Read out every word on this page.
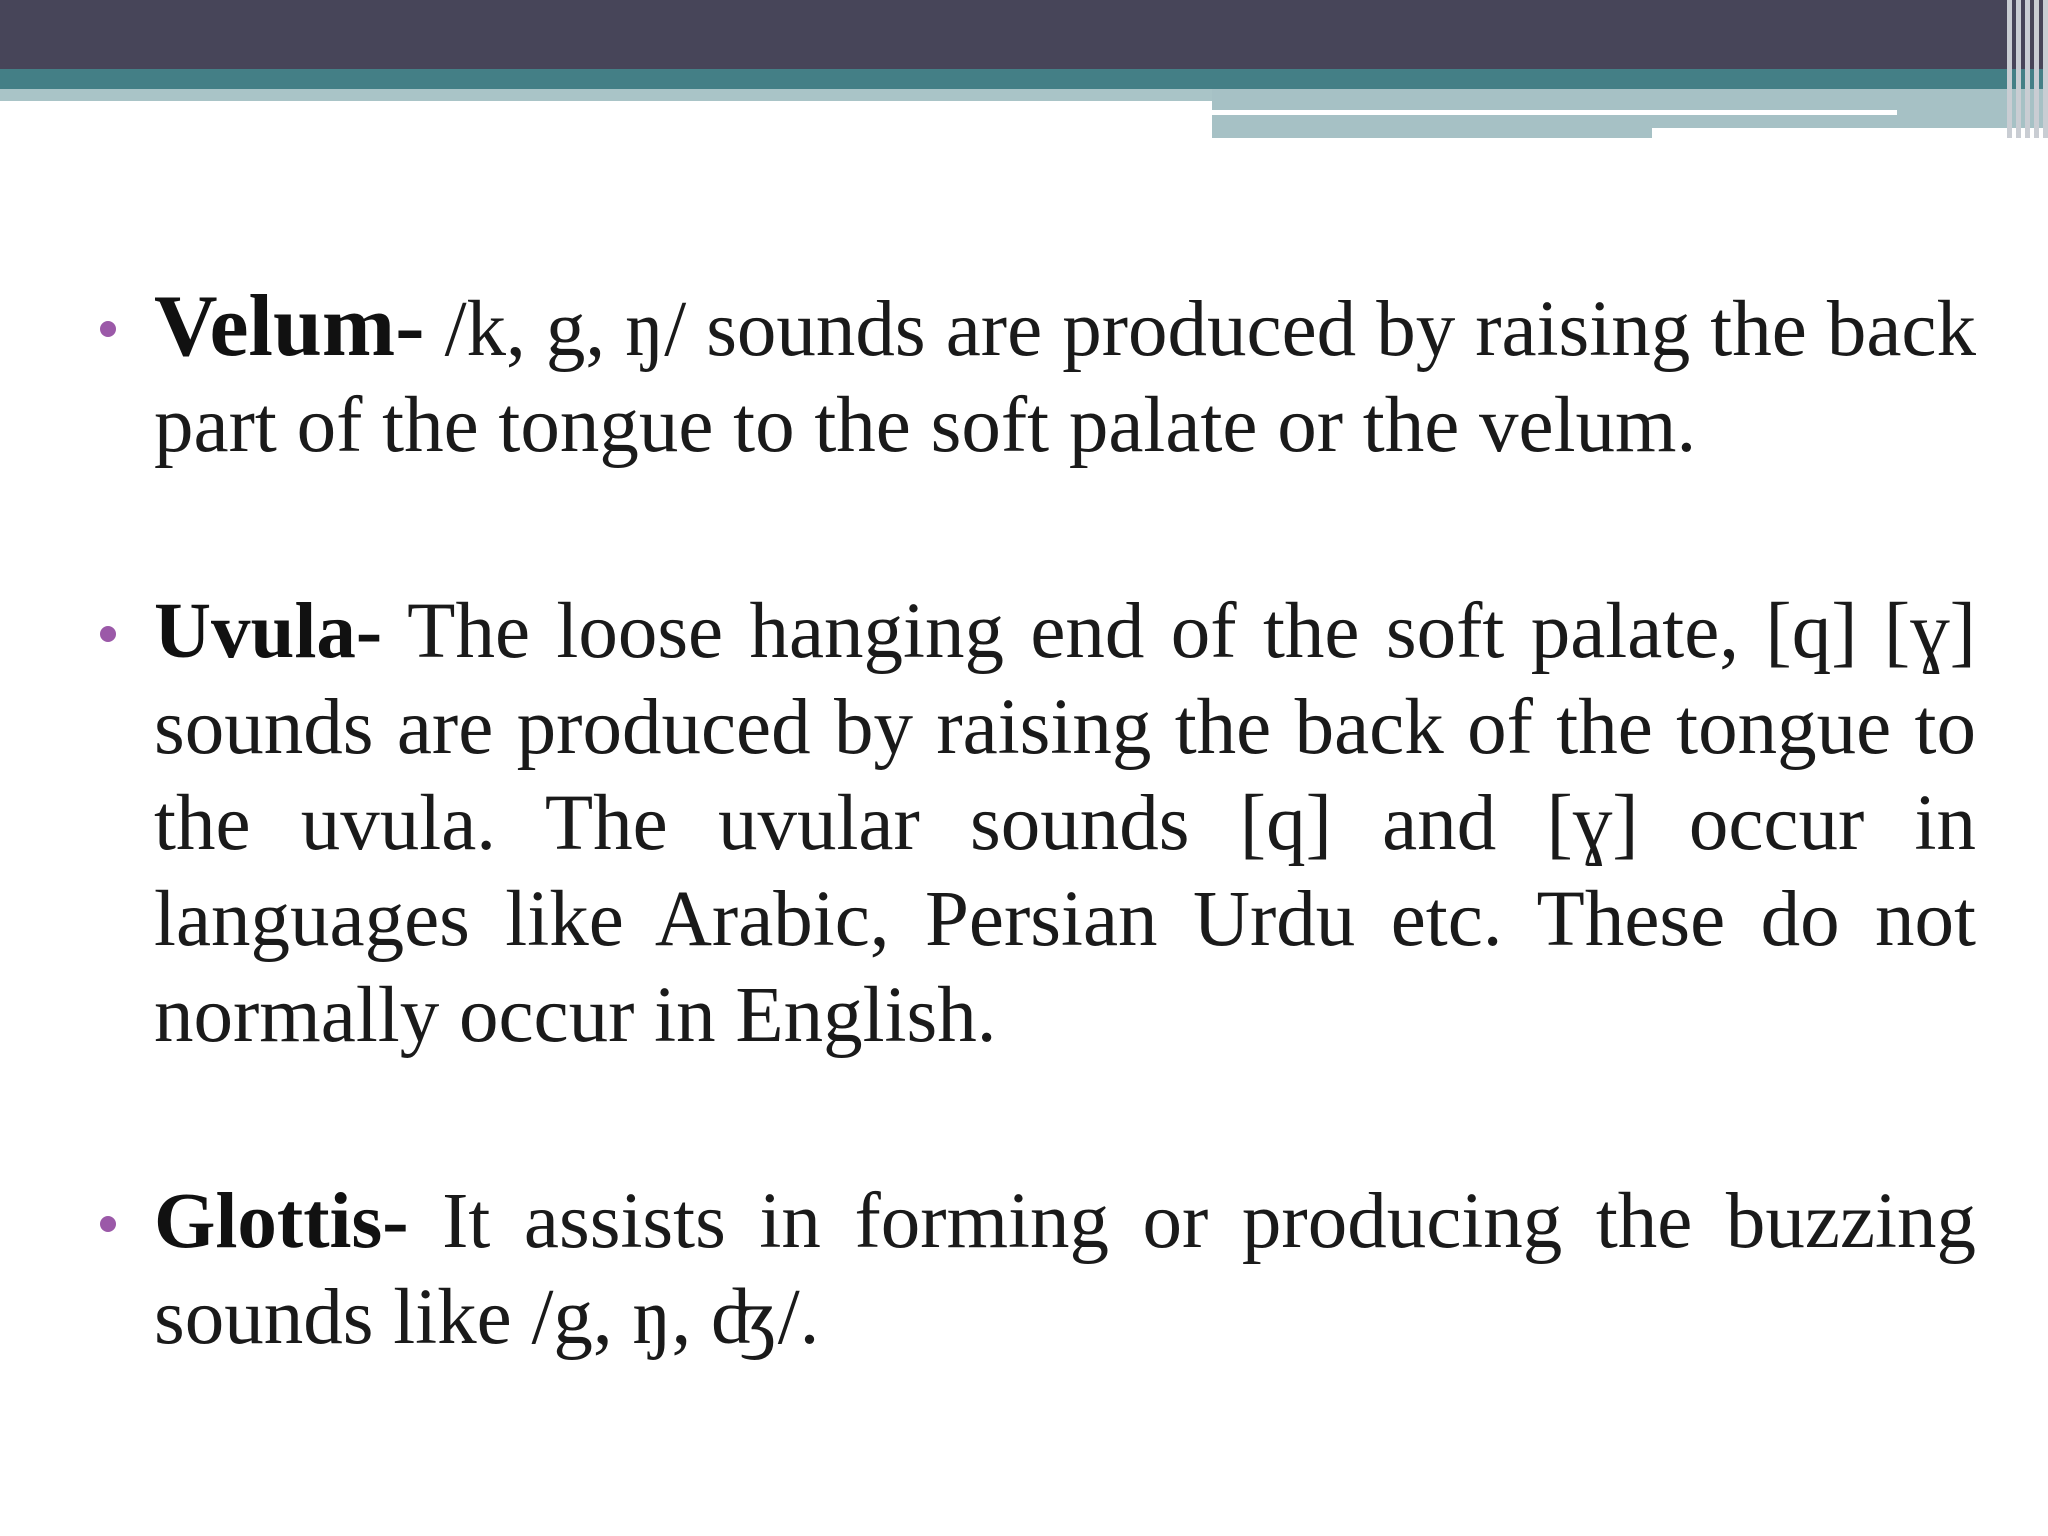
Velum- /k, g, ŋ/ sounds are produced by raising the back part of the tongue to the soft palate or the velum.

Uvula- The loose hanging end of the soft palate, [q] [ɣ] sounds are produced by raising the back of the tongue to the uvula. The uvular sounds [q] and [ɣ] occur in languages like Arabic, Persian Urdu etc. These do not normally occur in English.

Glottis- It assists in forming or producing the buzzing sounds like /g, ŋ, ʤ/.
